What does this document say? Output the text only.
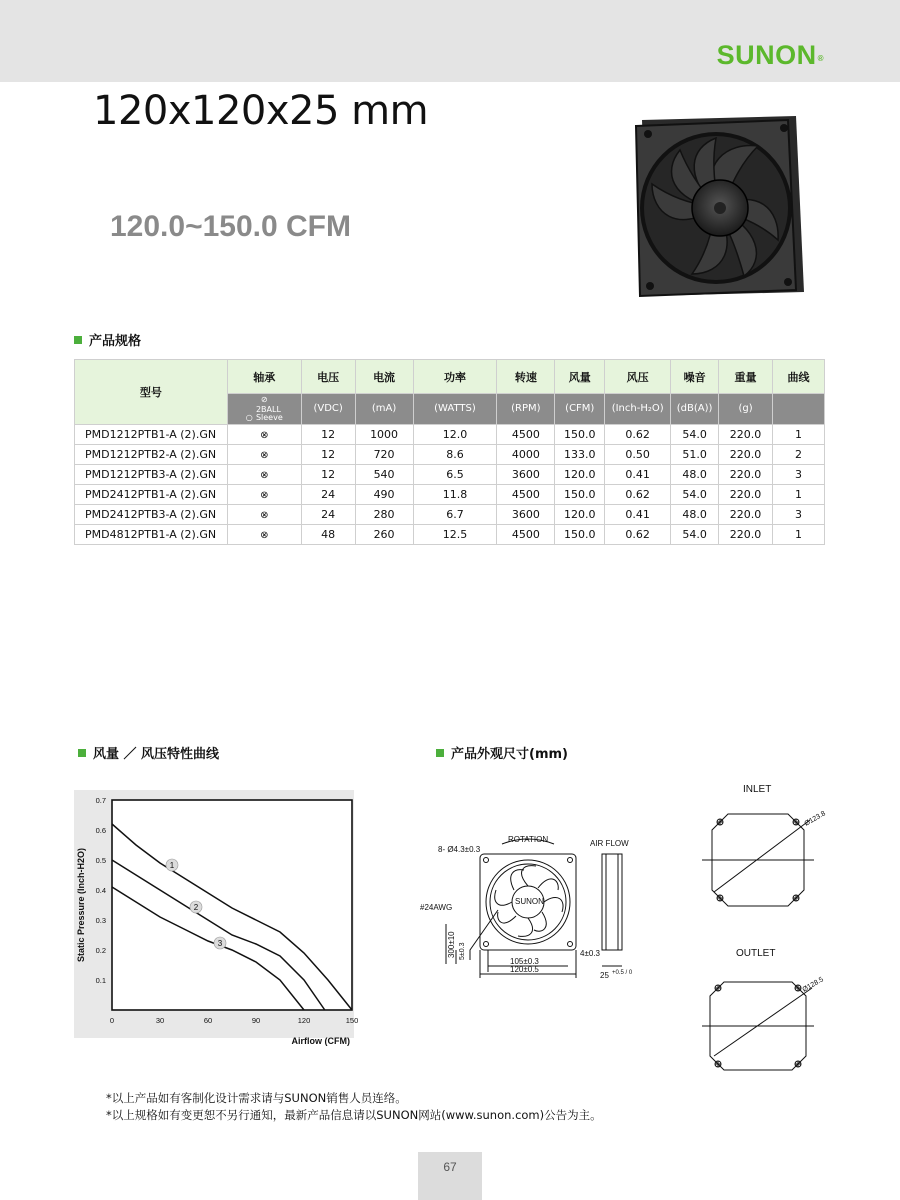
SUNON®
120x120x25 mm
120.0~150.0 CFM
产品规格
型号	轴承	电压	电流	功率	转速	风量	风压	噪音	重量	曲线
	⊘
○ 2BALL
Sleeve	(VDC)	(mA)	(WATTS)	(RPM)	(CFM)	(Inch-H₂O)	(dB(A))	(g)	
PMD1212PTB1-A (2).GN	⊗	12	1000	12.0	4500	150.0	0.62	54.0	220.0	1
PMD1212PTB2-A (2).GN	⊗	12	720	8.6	4000	133.0	0.50	51.0	220.0	2
PMD1212PTB3-A (2).GN	⊗	12	540	6.5	3600	120.0	0.41	48.0	220.0	3
PMD2412PTB1-A (2).GN	⊗	24	490	11.8	4500	150.0	0.62	54.0	220.0	1
PMD2412PTB3-A (2).GN	⊗	24	280	6.7	3600	120.0	0.41	48.0	220.0	3
PMD4812PTB1-A (2).GN	⊗	48	260	12.5	4500	150.0	0.62	54.0	220.0	1
风量 ／ 风压特性曲线
0.1
0.2
0.3
0.4
0.5
0.6
0.7
0	30	60	90	120	150
Static Pressure (Inch-H2O)
Airflow (CFM)
1
2
3
产品外观尺寸(mm)
ROTATION
8- Ø4.3±0.3
#24AWG
SUNON
300±10 5±0.3
105±0.3
120±0.5
AIR FLOW
4±0.3
25 +0.5 / 0
INLET
Ø123.8
OUTLET
Ø128.5
*以上产品如有客制化设计需求请与SUNON销售人员连络。
*以上规格如有变更恕不另行通知，最新产品信息请以SUNON网站(www.sunon.com)公告为主。
67
